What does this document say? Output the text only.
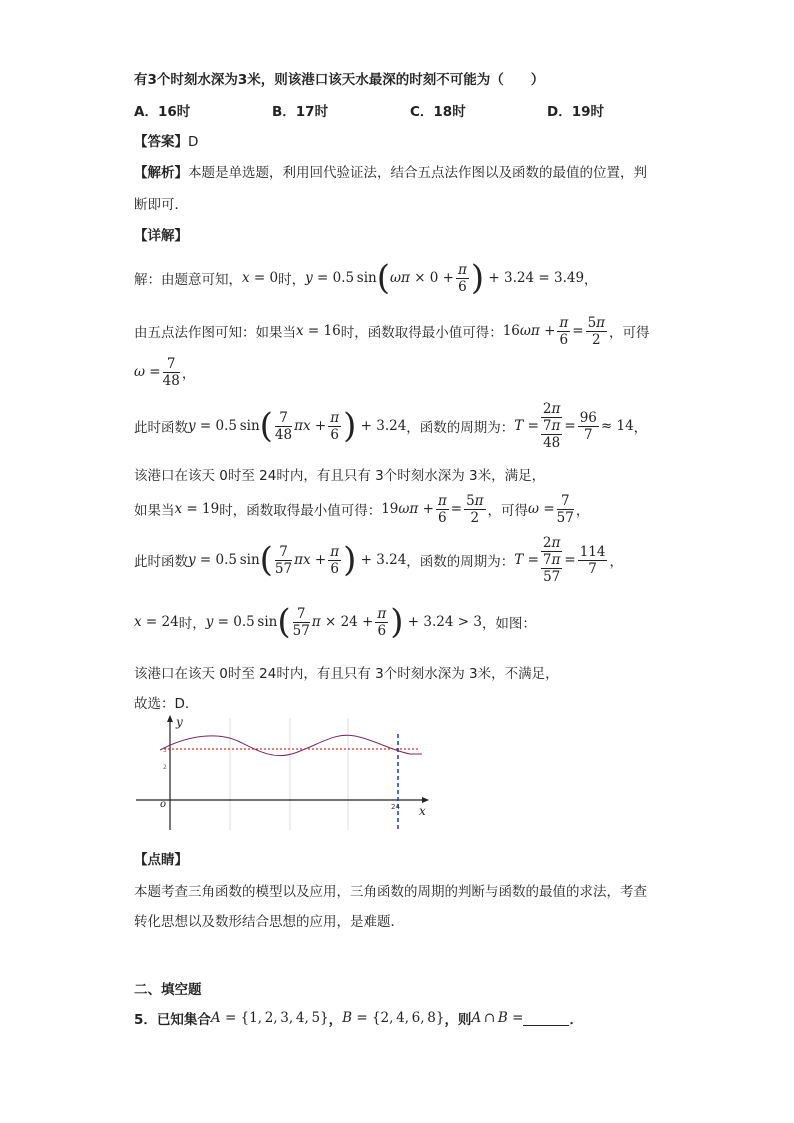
有3个时刻水深为3米，则该港口该天水最深的时刻不可能为（　　）
A．16时	B．17时	C．18时	D．19时
【答案】D
【解析】本题是单选题，利用回代验证法，结合五点法作图以及函数的最值的位置，判
断即可．
【详解】
解：由题意可知， x = 0 时， y = 0.5 sin ( $\omega\pi \times 0 + \frac{\pi}{6}$ ) + 3.24 = 3.49 ，
由五点法作图可知：如果当 x = 16 时，函数取得最小值可得： 16 $\omega\pi + \frac{\pi}{6} = \frac{5\pi}{2}$ ，可得
$\omega = \frac{7}{48}$ ，
此时函数 y = 0.5 sin ( $\frac{7}{48}$ $\pi x + \frac{\pi}{6}$ ) + 3.24 ，函数的周期为： $T = \frac{2\pi}{\frac{7\pi}{48}} = \frac{96}{7} \approx 14$ ，
该港口在该天 0时至 24时内，有且只有 3个时刻水深为 3米，满足，
如果当 x = 19 时，函数取得最小值可得： 19 $\omega\pi + \frac{\pi}{6} = \frac{5\pi}{2}$ ，可得 $\omega = \frac{7}{57}$ ，
此时函数 y = 0.5 sin ( $\frac{7}{57}$ $\pi x + \frac{\pi}{6}$ ) + 3.24 ，函数的周期为： $T = \frac{2\pi}{\frac{7\pi}{57}} = \frac{114}{7}$ ，
x = 24 时， y = 0.5 sin ( $\frac{7}{57}$ $\pi \times 24 + \frac{\pi}{6}$ ) + 3.24 > 3 ，如图：
该港口在该天 0时至 24时内，有且只有 3个时刻水深为 3米，不满足，
故选：D．
y
x
o
3
2
24
【点睛】
本题考查三角函数的模型以及应用，三角函数的周期的判断与函数的最值的求法，考查
转化思想以及数形结合思想的应用，是难题．
二、填空题
5．已知集合 A = {1, 2, 3, 4, 5} ， B = {2, 4, 6, 8} ，则 A  ∩  B =	．
